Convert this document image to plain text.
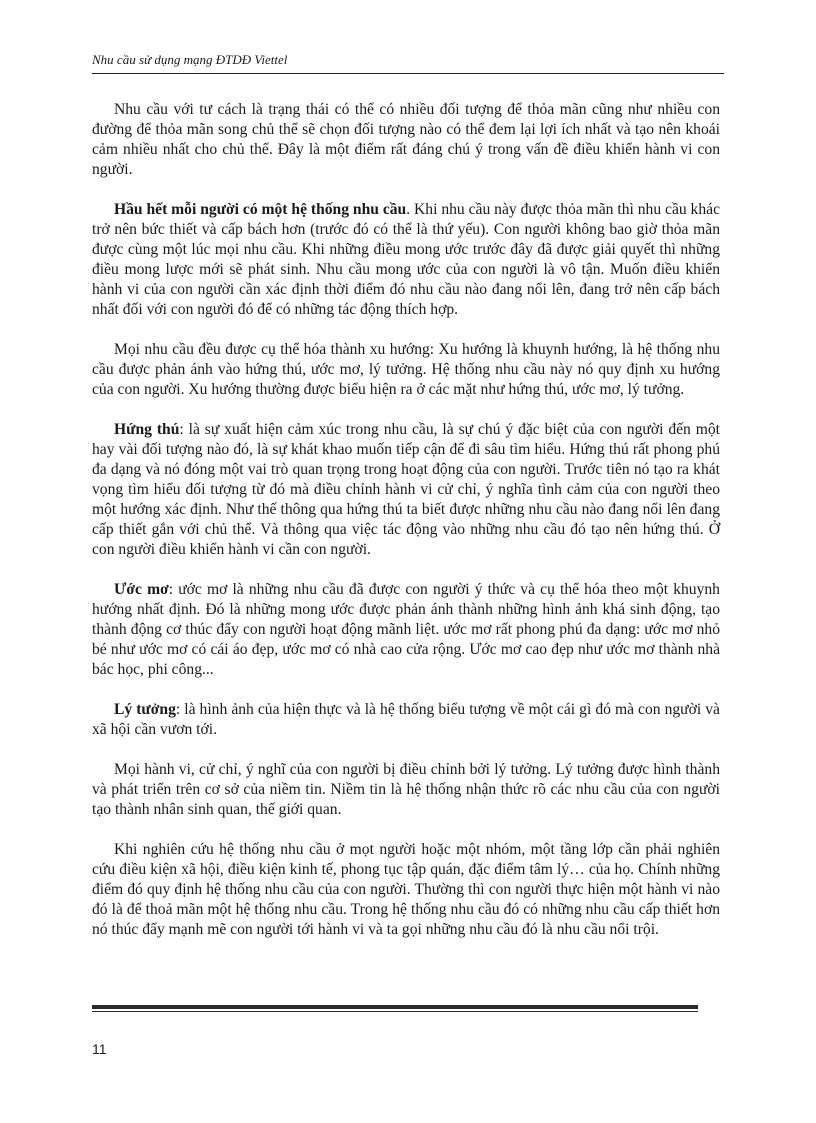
Nhu cầu sử dụng mạng ĐTDĐ Viettel

Nhu cầu với tư cách là trạng thái có thể có nhiều đối tượng để thỏa mãn cũng như nhiều con đường để thỏa mãn song chủ thể sẽ chọn đối tượng nào có thể đem lại lợi ích nhất và tạo nên khoái cảm nhiều nhất cho chủ thể. Đây là một điểm rất đáng chú ý trong vấn đề điều khiển hành vi con người.

Hầu hết mỗi người có một hệ thống nhu cầu. Khi nhu cầu này được thỏa mãn thì nhu cầu khác trở nên bức thiết và cấp bách hơn (trước đó có thể là thứ yếu). Con người không bao giờ thỏa mãn được cùng một lúc mọi nhu cầu. Khi những điều mong ước trước đây đã được giải quyết thì những điều mong lược mới sẽ phát sinh. Nhu cầu mong ước của con người là vô tận. Muốn điều khiển hành vi của con người cần xác định thời điểm đó nhu cầu nào đang nổi lên, đang trở nên cấp bách nhất đối với con người đó để có những tác động thích hợp.

Mọi nhu cầu đều được cụ thể hóa thành xu hướng: Xu hướng là khuynh hướng, là hệ thống nhu cầu được phản ánh vào hứng thú, ước mơ, lý tưởng. Hệ thống nhu cầu này nó quy định xu hướng của con người. Xu hướng thường được biểu hiện ra ở các mặt như hứng thú, ước mơ, lý tưởng.

Hứng thú: là sự xuất hiện cảm xúc trong nhu cầu, là sự chú ý đặc biệt của con người đến một hay vài đối tượng nào đó, là sự khát khao muốn tiếp cận để đi sâu tìm hiểu. Hứng thú rất phong phú đa dạng và nó đóng một vai trò quan trọng trong hoạt động của con người. Trước tiên nó tạo ra khát vọng tìm hiểu đối tượng từ đó mà điều chỉnh hành vi cử chỉ, ý nghĩa tình cảm của con người theo một hướng xác định. Như thế thông qua hứng thú ta biết được những nhu cầu nào đang nổi lên đang cấp thiết gắn với chủ thể. Và thông qua việc tác động vào những nhu cầu đó tạo nên hứng thú. Ở con người điều khiển hành vi cần con người.

Ước mơ: ước mơ là những nhu cầu đã được con người ý thức và cụ thể hóa theo một khuynh hướng nhất định. Đó là những mong ước được phản ánh thành những hình ảnh khá sinh động, tạo thành động cơ thúc đẩy con người hoạt động mãnh liệt. ước mơ rất phong phú đa dạng: ước mơ nhỏ bé như ước mơ có cái áo đẹp, ước mơ có nhà cao cửa rộng. Ước mơ cao đẹp như ước mơ thành nhà bác học, phi công...

Lý tưởng: là hình ảnh của hiện thực và là hệ thống biểu tượng về một cái gì đó mà con người và xã hội cần vươn tới.

Mọi hành vi, cử chỉ, ý nghĩ của con người bị điều chỉnh bởi lý tưởng. Lý tưởng được hình thành và phát triển trên cơ sở của niềm tin. Niềm tin là hệ thống nhận thức rõ các nhu cầu của con người tạo thành nhân sinh quan, thế giới quan.

Khi nghiên cứu hệ thống nhu cầu ở mọt người hoặc một nhóm, một tầng lớp cần phải nghiên cứu điều kiện xã hội, điều kiện kinh tế, phong tục tập quán, đặc điểm tâm lý… của họ. Chính những điểm đó quy định hệ thống nhu cầu của con người. Thường thì con người thực hiện một hành vi nào đó là để thoả mãn một hệ thống nhu cầu. Trong hệ thống nhu cầu đó có những nhu cầu cấp thiết hơn nó thúc đẩy mạnh mẽ con người tới hành vi và ta gọi những nhu cầu đó là nhu cầu nổi trội.

11
